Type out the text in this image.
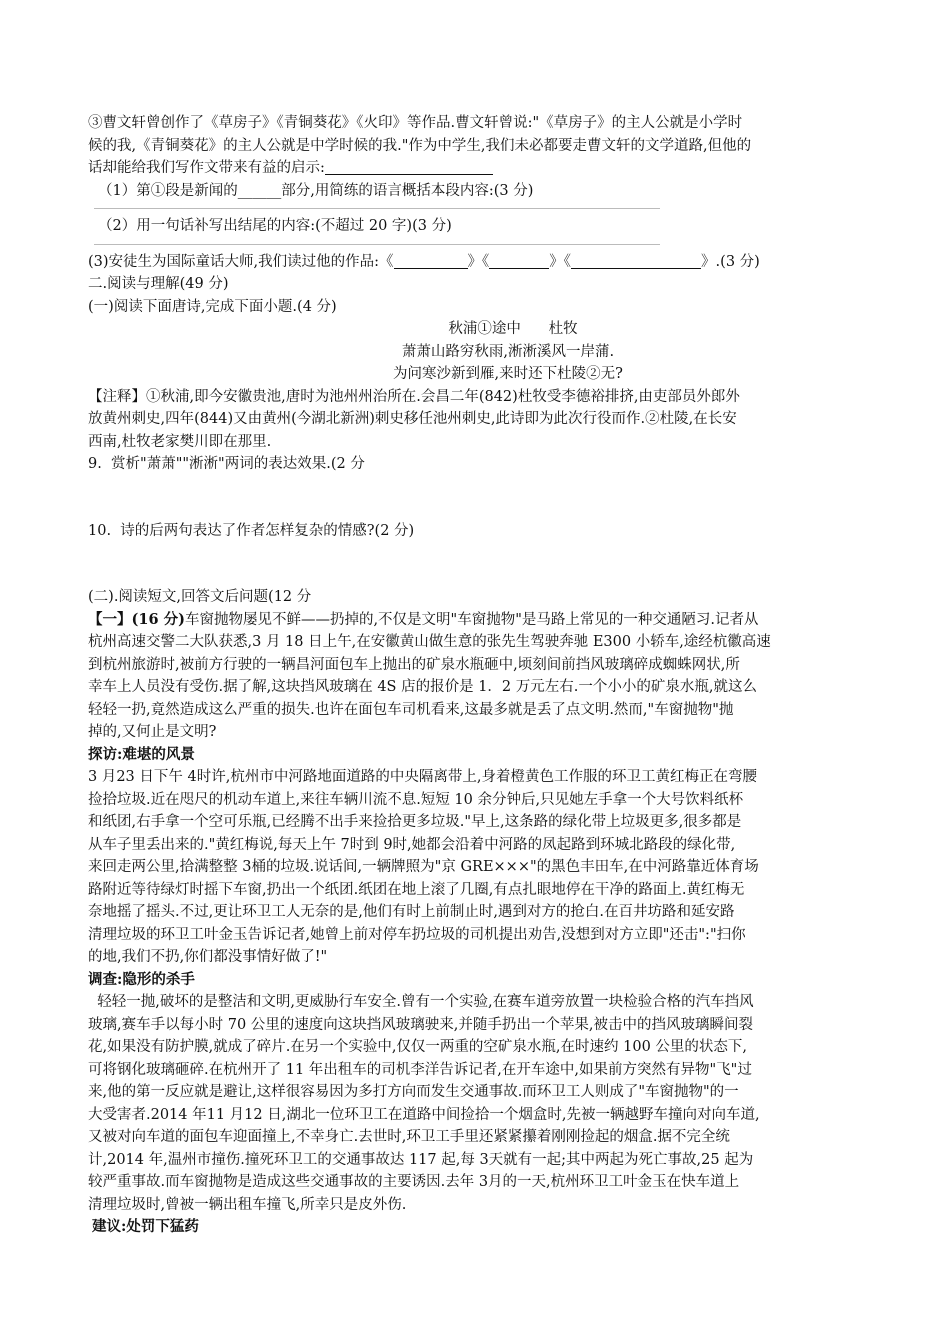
③曹文轩曾创作了《草房子》《青铜葵花》《火印》等作品.曹文轩曾说:"《草房子》的主人公就是小学时
候的我,《青铜葵花》的主人公就是中学时候的我."作为中学生,我们未必都要走曹文轩的文学道路,但他的
话却能给我们写作文带来有益的启示:
（1）第①段是新闻的______部分,用简练的语言概括本段内容:(3 分)
（2）用一句话补写出结尾的内容:(不超过 20 字)(3 分)
(3)安徒生为国际童话大师,我们读过他的作品:《	》《	》《	》.(3 分)
二.阅读与理解(49 分)
(一)阅读下面唐诗,完成下面小题.(4 分)
秋浦①途中      杜牧
萧萧山路穷秋雨,淅淅溪风一岸蒲.
为问寒沙新到雁,来时还下杜陵②无?
【注释】①秋浦,即今安徽贵池,唐时为池州州治所在.会昌二年(842)杜牧受李德裕排挤,由吏部员外郎外
放黄州刺史,四年(844)又由黄州(今湖北新洲)刺史移任池州刺史,此诗即为此次行役而作.②杜陵,在长安
西南,杜牧老家樊川即在那里.
9.  赏析"萧萧""淅淅"两词的表达效果.(2 分
10.  诗的后两句表达了作者怎样复杂的情感?(2 分)
(二).阅读短文,回答文后问题(12 分
【一】(16 分)车窗抛物屡见不鲜——扔掉的,不仅是文明"车窗抛物"是马路上常见的一种交通陋习.记者从
杭州高速交警二大队获悉,3 月 18 日上午,在安徽黄山做生意的张先生驾驶奔驰 E300 小轿车,途经杭徽高速
到杭州旅游时,被前方行驶的一辆昌河面包车上抛出的矿泉水瓶砸中,顷刻间前挡风玻璃碎成蜘蛛网状,所
幸车上人员没有受伤.据了解,这块挡风玻璃在 4S 店的报价是 1．2 万元左右.一个小小的矿泉水瓶,就这么
轻轻一扔,竟然造成这么严重的损失.也许在面包车司机看来,这最多就是丢了点文明.然而,"车窗抛物"抛
掉的,又何止是文明?
探访:难堪的风景
3 月23 日下午 4时许,杭州市中河路地面道路的中央隔离带上,身着橙黄色工作服的环卫工黄红梅正在弯腰
捡拾垃圾.近在咫尺的机动车道上,来往车辆川流不息.短短 10 余分钟后,只见她左手拿一个大号饮料纸杯
和纸团,右手拿一个空可乐瓶,已经腾不出手来捡拾更多垃圾."早上,这条路的绿化带上垃圾更多,很多都是
从车子里丢出来的."黄红梅说,每天上午 7时到 9时,她都会沿着中河路的凤起路到环城北路段的绿化带,
来回走两公里,拾满整整 3桶的垃圾.说话间,一辆牌照为"京 GRE×××"的黑色丰田车,在中河路靠近体育场
路附近等待绿灯时摇下车窗,扔出一个纸团.纸团在地上滚了几圈,有点扎眼地停在干净的路面上.黄红梅无
奈地摇了摇头.不过,更让环卫工人无奈的是,他们有时上前制止时,遇到对方的抢白.在百井坊路和延安路
清理垃圾的环卫工叶金玉告诉记者,她曾上前对停车扔垃圾的司机提出劝告,没想到对方立即"还击":"扫你
的地,我们不扔,你们都没事情好做了!"
调查:隐形的杀手
轻轻一抛,破坏的是整洁和文明,更威胁行车安全.曾有一个实验,在赛车道旁放置一块检验合格的汽车挡风
玻璃,赛车手以每小时 70 公里的速度向这块挡风玻璃驶来,并随手扔出一个苹果,被击中的挡风玻璃瞬间裂
花,如果没有防护膜,就成了碎片.在另一个实验中,仅仅一两重的空矿泉水瓶,在时速约 100 公里的状态下,
可将钢化玻璃砸碎.在杭州开了 11 年出租车的司机李洋告诉记者,在开车途中,如果前方突然有异物"飞"过
来,他的第一反应就是避让,这样很容易因为多打方向而发生交通事故.而环卫工人则成了"车窗抛物"的一
大受害者.2014 年11 月12 日,湖北一位环卫工在道路中间捡拾一个烟盒时,先被一辆越野车撞向对向车道,
又被对向车道的面包车迎面撞上,不幸身亡.去世时,环卫工手里还紧紧攥着刚刚捡起的烟盒.据不完全统
计,2014 年,温州市撞伤.撞死环卫工的交通事故达 117 起,每 3天就有一起;其中两起为死亡事故,25 起为
较严重事故.而车窗抛物是造成这些交通事故的主要诱因.去年 3月的一天,杭州环卫工叶金玉在快车道上
清理垃圾时,曾被一辆出租车撞飞,所幸只是皮外伤.
建议:处罚下猛药
